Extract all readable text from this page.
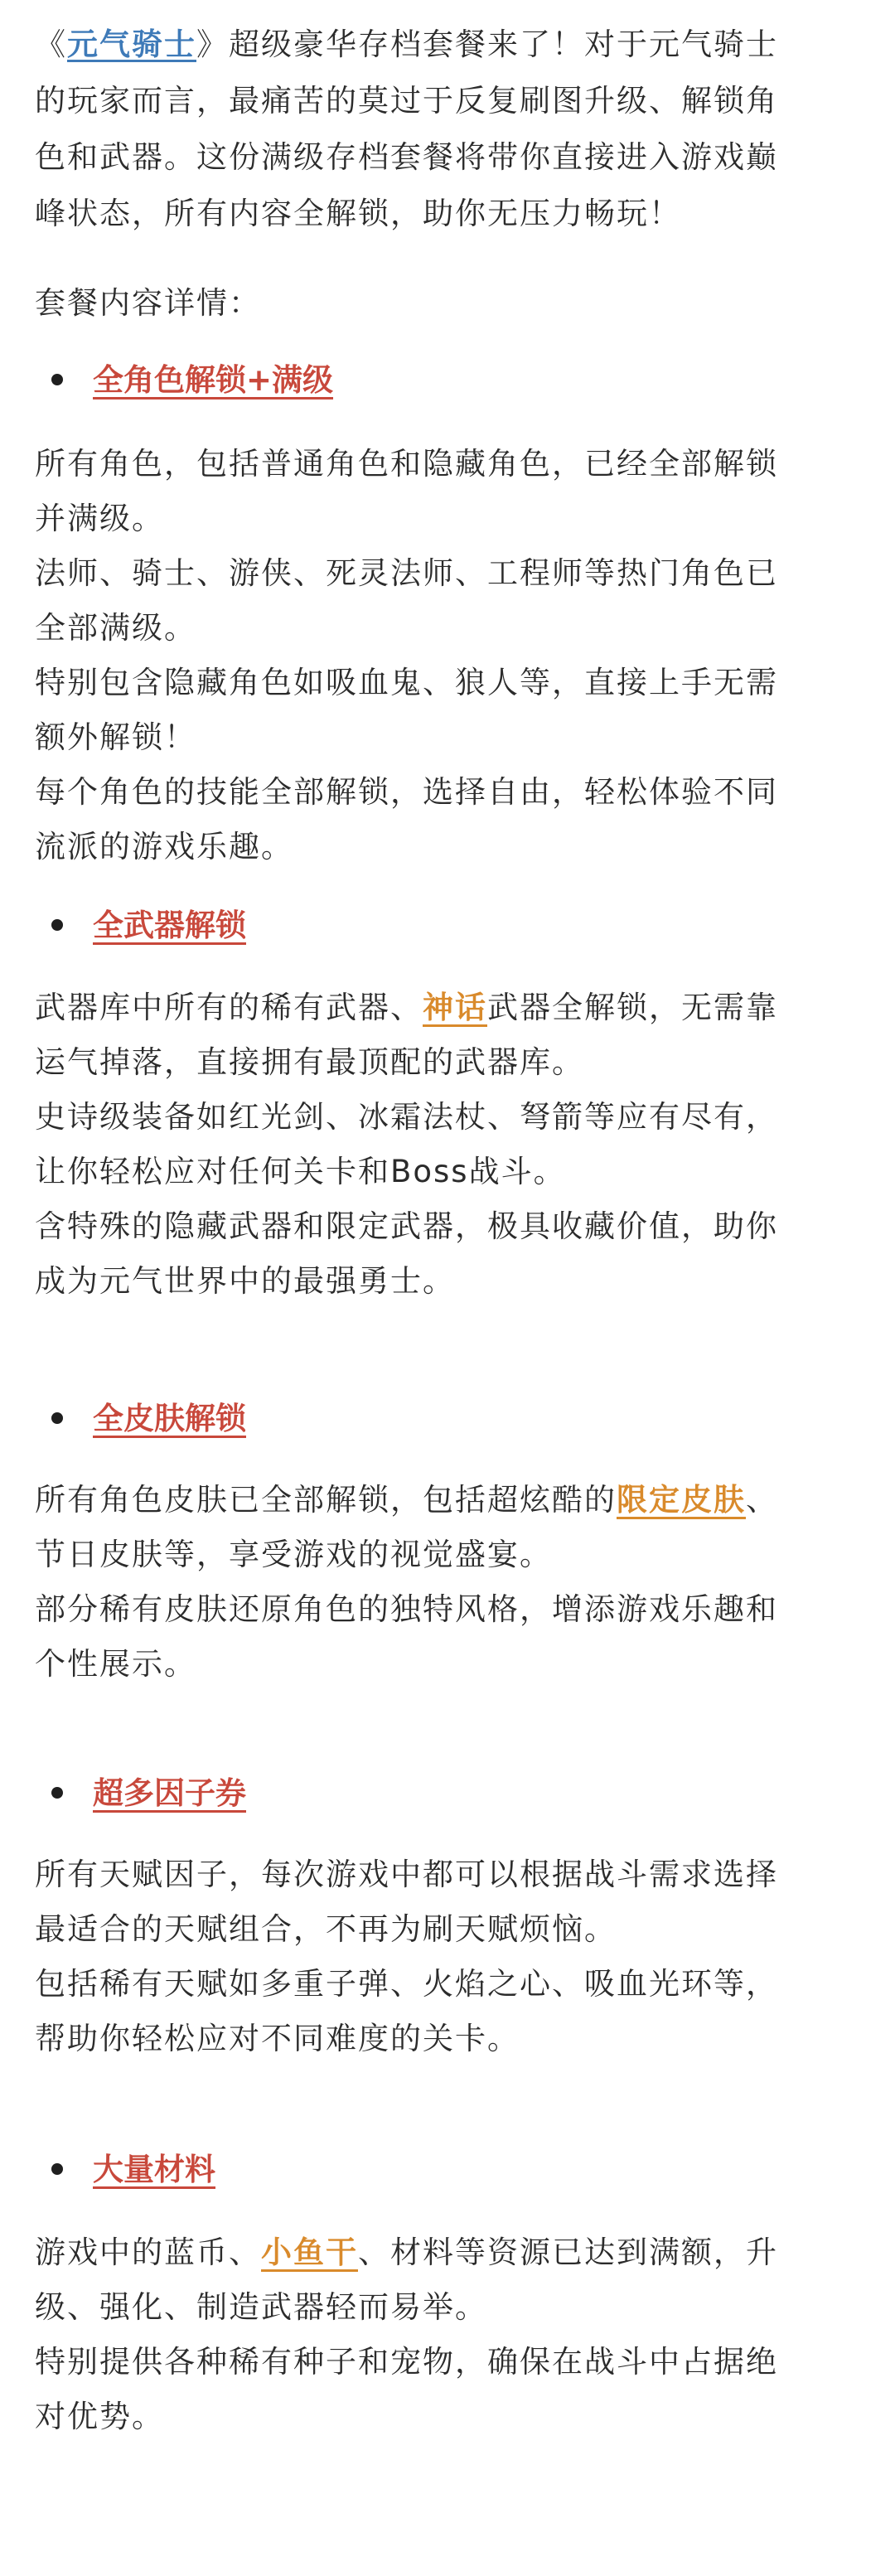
《元气骑士》超级豪华存档套餐来了！对于元气骑士

的玩家而言，最痛苦的莫过于反复刷图升级、解锁角

色和武器。这份满级存档套餐将带你直接进入游戏巅

峰状态，所有内容全解锁，助你无压力畅玩！

套餐内容详情：

全角色解锁+满级

所有角色，包括普通角色和隐藏角色，已经全部解锁

并满级。

法师、骑士、游侠、死灵法师、工程师等热门角色已

全部满级。

特别包含隐藏角色如吸血鬼、狼人等，直接上手无需

额外解锁！

每个角色的技能全部解锁，选择自由，轻松体验不同

流派的游戏乐趣。

全武器解锁

武器库中所有的稀有武器、神话武器全解锁，无需靠

运气掉落，直接拥有最顶配的武器库。

史诗级装备如红光剑、冰霜法杖、弩箭等应有尽有，

让你轻松应对任何关卡和Boss战斗。

含特殊的隐藏武器和限定武器，极具收藏价值，助你

成为元气世界中的最强勇士。

全皮肤解锁

所有角色皮肤已全部解锁，包括超炫酷的限定皮肤、

节日皮肤等，享受游戏的视觉盛宴。

部分稀有皮肤还原角色的独特风格，增添游戏乐趣和

个性展示。

超多因子券

所有天赋因子，每次游戏中都可以根据战斗需求选择

最适合的天赋组合，不再为刷天赋烦恼。

包括稀有天赋如多重子弹、火焰之心、吸血光环等，

帮助你轻松应对不同难度的关卡。

大量材料

游戏中的蓝币、小鱼干、材料等资源已达到满额，升

级、强化、制造武器轻而易举。

特别提供各种稀有种子和宠物，确保在战斗中占据绝

对优势。
